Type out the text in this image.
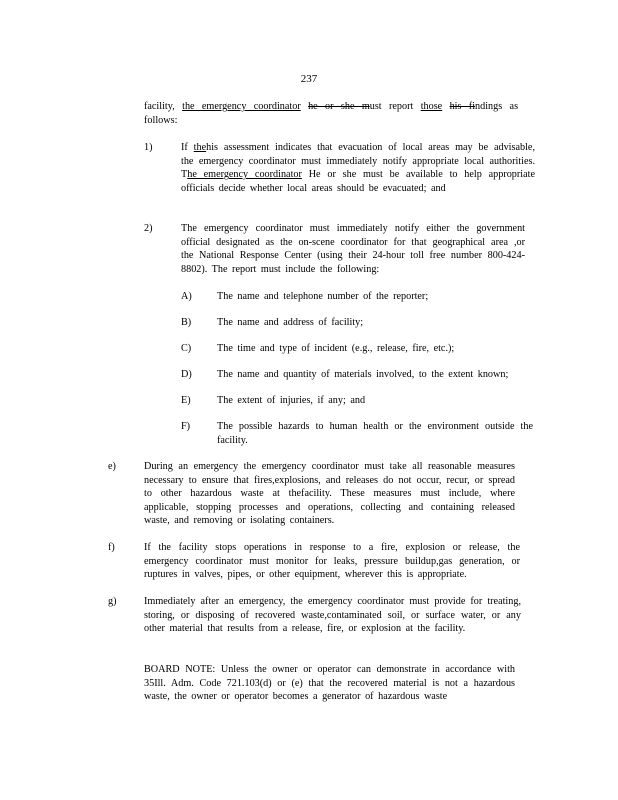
237
facility, the emergency coordinator he or she must report those his findings as follows:
1)	If thehis assessment indicates that evacuation of local areas may be advisable, the emergency coordinator must immediately notify appropriate local authorities. The emergency coordinator He or she must be available to help appropriate officials decide whether local areas should be evacuated; and
2)	The emergency coordinator must immediately notify either the government official designated as the on-scene coordinator for that geographical area ,or the National Response Center (using their 24-hour toll free number 800-424-8802). The report must include the following:
A) The name and telephone number of the reporter;
B)	The name and address of facility;
C)	The time and type of incident (e.g., release, fire, etc.);
D) The name and quantity of materials involved, to the extent known;
E)	The extent of injuries, if any; and
F)	The possible hazards to human health or the environment outside the facility.
e)	During an emergency the emergency coordinator must take all reasonable measures necessary to ensure that fires,explosions, and releases do not occur, recur, or spread to other hazardous waste at thefacility. These measures must include, where applicable, stopping processes and operations, collecting and containing released waste, and removing or isolating containers.
f)	If the facility stops operations in response to a fire, explosion or release, the emergency coordinator must monitor for leaks, pressure buildup,gas generation, or ruptures in valves, pipes, or other equipment, wherever this is appropriate.
g)	Immediately after an emergency, the emergency coordinator must provide for treating, storing, or disposing of recovered waste,contaminated soil, or surface water, or any other material that results from a release, fire, or explosion at the facility.
BOARD NOTE: Unless the owner or operator can demonstrate in accordance with 35Ill. Adm. Code 721.103(d) or (e) that the recovered material is not a hazardous waste, the owner or operator becomes a generator of hazardous waste
